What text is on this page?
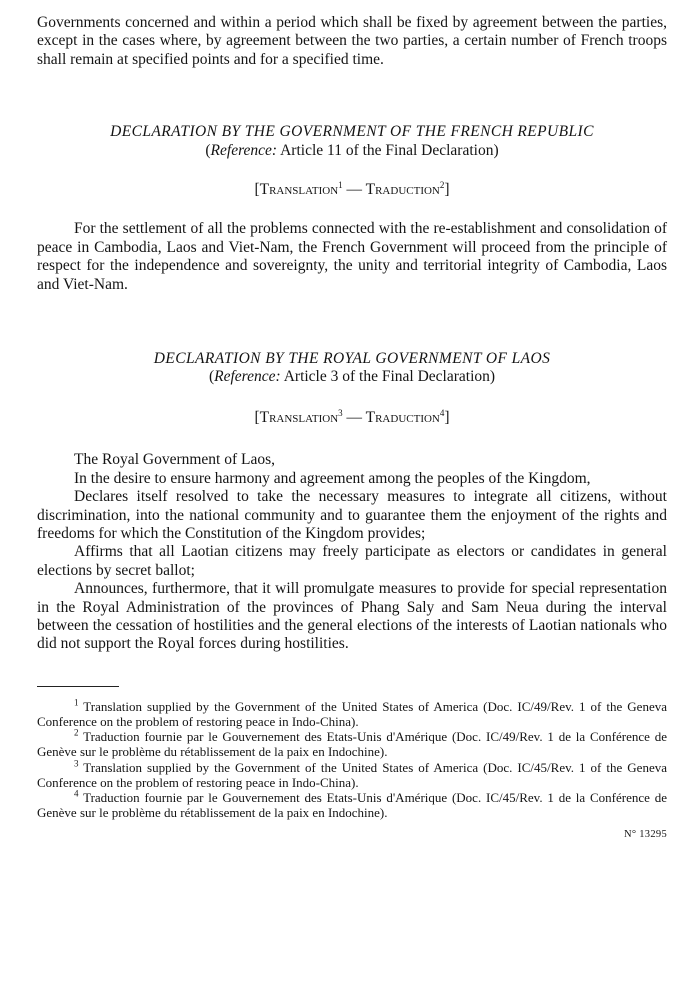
Governments concerned and within a period which shall be fixed by agreement between the parties, except in the cases where, by agreement between the two parties, a certain number of French troops shall remain at specified points and for a specified time.

DECLARATION BY THE GOVERNMENT OF THE FRENCH REPUBLIC
(Reference: Article 11 of the Final Declaration)
[Translation$^1$ — Traduction$^2$]

For the settlement of all the problems connected with the re-establishment and consolidation of peace in Cambodia, Laos and Viet-Nam, the French Government will proceed from the principle of respect for the independence and sovereignty, the unity and territorial integrity of Cambodia, Laos and Viet-Nam.

DECLARATION BY THE ROYAL GOVERNMENT OF LAOS
(Reference: Article 3 of the Final Declaration)
[Translation$^3$ — Traduction$^4$]

The Royal Government of Laos,

In the desire to ensure harmony and agreement among the peoples of the Kingdom,

Declares itself resolved to take the necessary measures to integrate all citizens, without discrimination, into the national community and to guarantee them the enjoyment of the rights and freedoms for which the Constitution of the Kingdom provides;

Affirms that all Laotian citizens may freely participate as electors or candidates in general elections by secret ballot;

Announces, furthermore, that it will promulgate measures to provide for special representation in the Royal Administration of the provinces of Phang Saly and Sam Neua during the interval between the cessation of hostilities and the general elections of the interests of Laotian nationals who did not support the Royal forces during hostilities.

$^1$ Translation supplied by the Government of the United States of America (Doc. IC/49/Rev. 1 of the Geneva Conference on the problem of restoring peace in Indo-China).

$^2$ Traduction fournie par le Gouvernement des Etats-Unis d'Amérique (Doc. IC/49/Rev. 1 de la Conférence de Genève sur le problème du rétablissement de la paix en Indochine).

$^3$ Translation supplied by the Government of the United States of America (Doc. IC/45/Rev. 1 of the Geneva Conference on the problem of restoring peace in Indo-China).

$^4$ Traduction fournie par le Gouvernement des Etats-Unis d'Amérique (Doc. IC/45/Rev. 1 de la Conférence de Genève sur le problème du rétablissement de la paix en Indochine).

N° 13295
